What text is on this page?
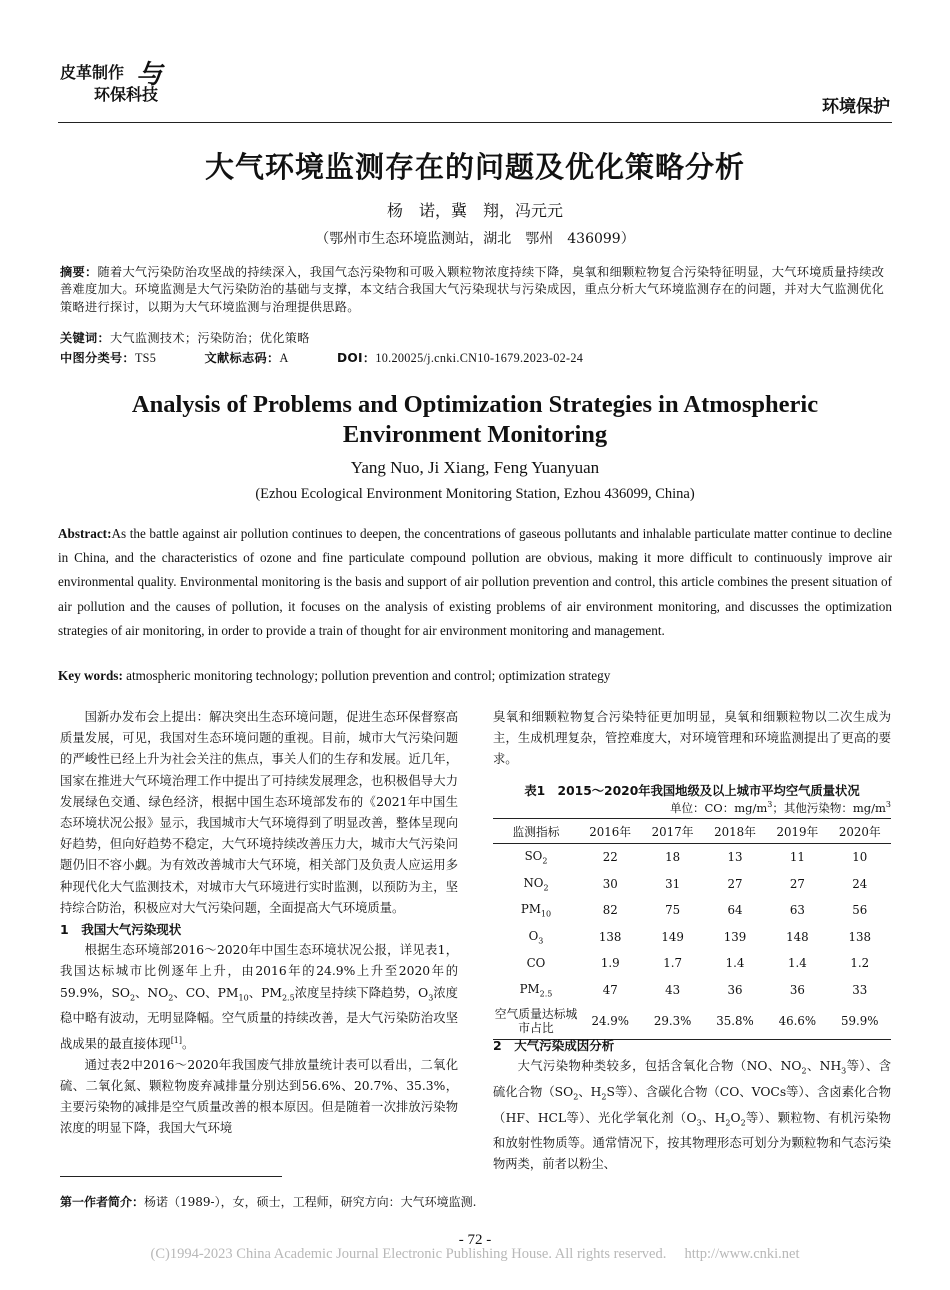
皮革制作 与
环保科技
环境保护
大气环境监测存在的问题及优化策略分析
杨　诺，冀　翔，冯元元
（鄂州市生态环境监测站，湖北　鄂州　436099）
摘要：随着大气污染防治攻坚战的持续深入，我国气态污染物和可吸入颗粒物浓度持续下降，臭氧和细颗粒物复合污染特征明显，大气环境质量持续改善难度加大。环境监测是大气污染防治的基础与支撑，本文结合我国大气污染现状与污染成因，重点分析大气环境监测存在的问题，并对大气监测优化策略进行探讨，以期为大气环境监测与治理提供思路。
关键词：大气监测技术；污染防治；优化策略
中图分类号：TS5	文献标志码：A	DOI：10.20025/j.cnki.CN10-1679.2023-02-24
Analysis of Problems and Optimization Strategies in Atmospheric
Environment Monitoring
Yang Nuo, Ji Xiang, Feng Yuanyuan
(Ezhou Ecological Environment Monitoring Station, Ezhou 436099, China)
Abstract:As the battle against air pollution continues to deepen, the concentrations of gaseous pollutants and inhalable particulate matter continue to decline in China, and the characteristics of ozone and fine particulate compound pollution are obvious, making it more difficult to continuously improve air environmental quality. Environmental monitoring is the basis and support of air pollution prevention and control, this article combines the present situation of air pollution and the causes of pollution, it focuses on the analysis of existing problems of air environment monitoring, and discusses the optimization strategies of air monitoring, in order to provide a train of thought for air environment monitoring and management.
Key words: atmospheric monitoring technology; pollution prevention and control; optimization strategy

国新办发布会上提出：解决突出生态环境问题，促进生态环保督察高质量发展，可见，我国对生态环境问题的重视。目前，城市大气污染问题的严峻性已经上升为社会关注的焦点，事关人们的生存和发展。近几年，国家在推进大气环境治理工作中提出了可持续发展理念，也积极倡导大力发展绿色交通、绿色经济，根据中国生态环境部发布的《2021年中国生态环境状况公报》显示，我国城市大气环境得到了明显改善，整体呈现向好趋势，但向好趋势不稳定，大气环境持续改善压力大，城市大气污染问题仍旧不容小觑。为有效改善城市大气环境，相关部门及负责人应运用多种现代化大气监测技术，对城市大气环境进行实时监测，以预防为主，坚持综合防治，积极应对大气污染问题，全面提高大气环境质量。

1　我国大气污染现状

根据生态环境部2016～2020年中国生态环境状况公报，详见表1，我国达标城市比例逐年上升，由2016年的24.9%上升至2020年的59.9%，$SO_2$、$NO_2$、CO、$PM_{10}$、$PM_{2.5}$浓度呈持续下降趋势，$O_3$浓度稳中略有波动，无明显降幅。空气质量的持续改善，是大气污染防治攻坚战成果的最直接体现[1]。

通过表2中2016～2020年我国废气排放量统计表可以看出，二氧化硫、二氧化氮、颗粒物废弃减排量分别达到56.6%、20.7%、35.3%，主要污染物的减排是空气质量改善的根本原因。但是随着一次排放污染物浓度的明显下降，我国大气环境

臭氧和细颗粒物复合污染特征更加明显，臭氧和细颗粒物以二次生成为主，生成机理复杂，管控难度大，对环境管理和环境监测提出了更高的要求。

表1　2015～2020年我国地级及以上城市平均空气质量状况
单位：CO：$mg/m^3$；其他污染物：$mg/m^3$
监测指标	2016年	2017年	2018年	2019年	2020年
$SO_2$	22	18	13	11	10
$NO_2$	30	31	27	27	24
$PM_{10}$	82	75	64	63	56
$O_3$	138	149	139	148	138
CO	1.9	1.7	1.4	1.4	1.2
$PM_{2.5}$	47	43	36	36	33
空气质量达标城市占比	24.9%	29.3%	35.8%	46.6%	59.9%

2　大气污染成因分析

大气污染物种类较多，包括含氧化合物（NO、$NO_2$、$NH_3$等）、含硫化合物（$SO_2$、$H_2S$等）、含碳化合物（CO、VOCs等）、含卤素化合物（HF、HCL等）、光化学氧化剂（$O_3$、$H_2O_2$等）、颗粒物、有机污染物和放射性物质等。通常情况下，按其物理形态可划分为颗粒物和气态污染物两类，前者以粉尘、

第一作者简介：杨诺（1989-），女，硕士，工程师，研究方向：大气环境监测.
- 72 -
(C)1994-2023 China Academic Journal Electronic Publishing House. All rights reserved.　 http://www.cnki.net
